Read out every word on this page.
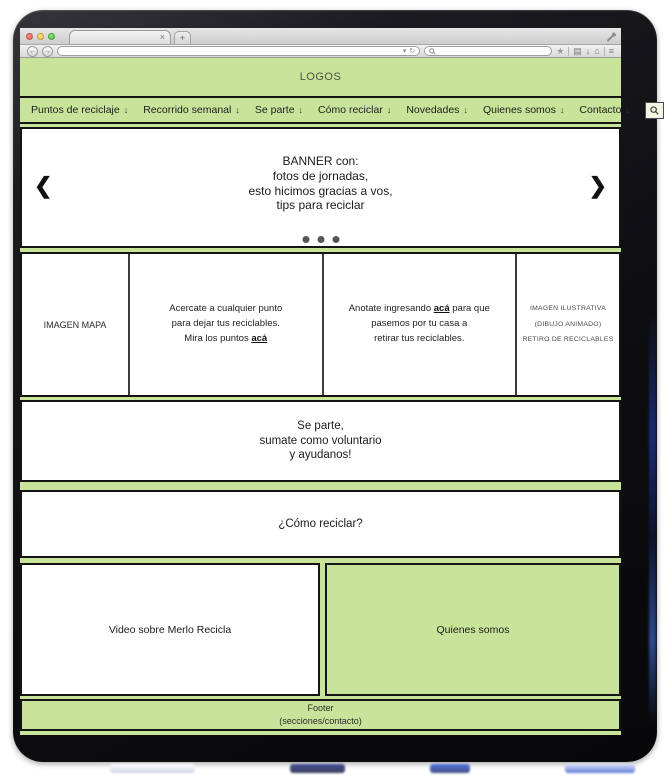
×	+
← →	▾ ↻	★ ▤ ↓ ⌂ ≡
LOGOS
Puntos de reciclaje ↓ Recorrido semanal ↓ Se parte ↓ Cómo reciclar ↓ Novedades ↓ Quienes somos ↓ Contacto ↓
❮
BANNER con:
fotos de jornadas,
esto hicimos gracias a vos,
tips para reciclar
❯
IMAGEN MAPA
Acercate a cualquier punto
para dejar tus reciclables.
Mira los puntos acá
Anotate ingresando acá para que
pasemos por tu casa a
retirar tus reciclables.
IMAGEN ILUSTRATIVA
(DIBUJO ANIMADO)
RETIRO DE RECICLABLES
Se parte,
sumate como voluntario
y ayudanos!
¿Cómo reciclar?
Video sobre Merlo Recicla	Quienes somos
Footer
(secciones/contacto)
